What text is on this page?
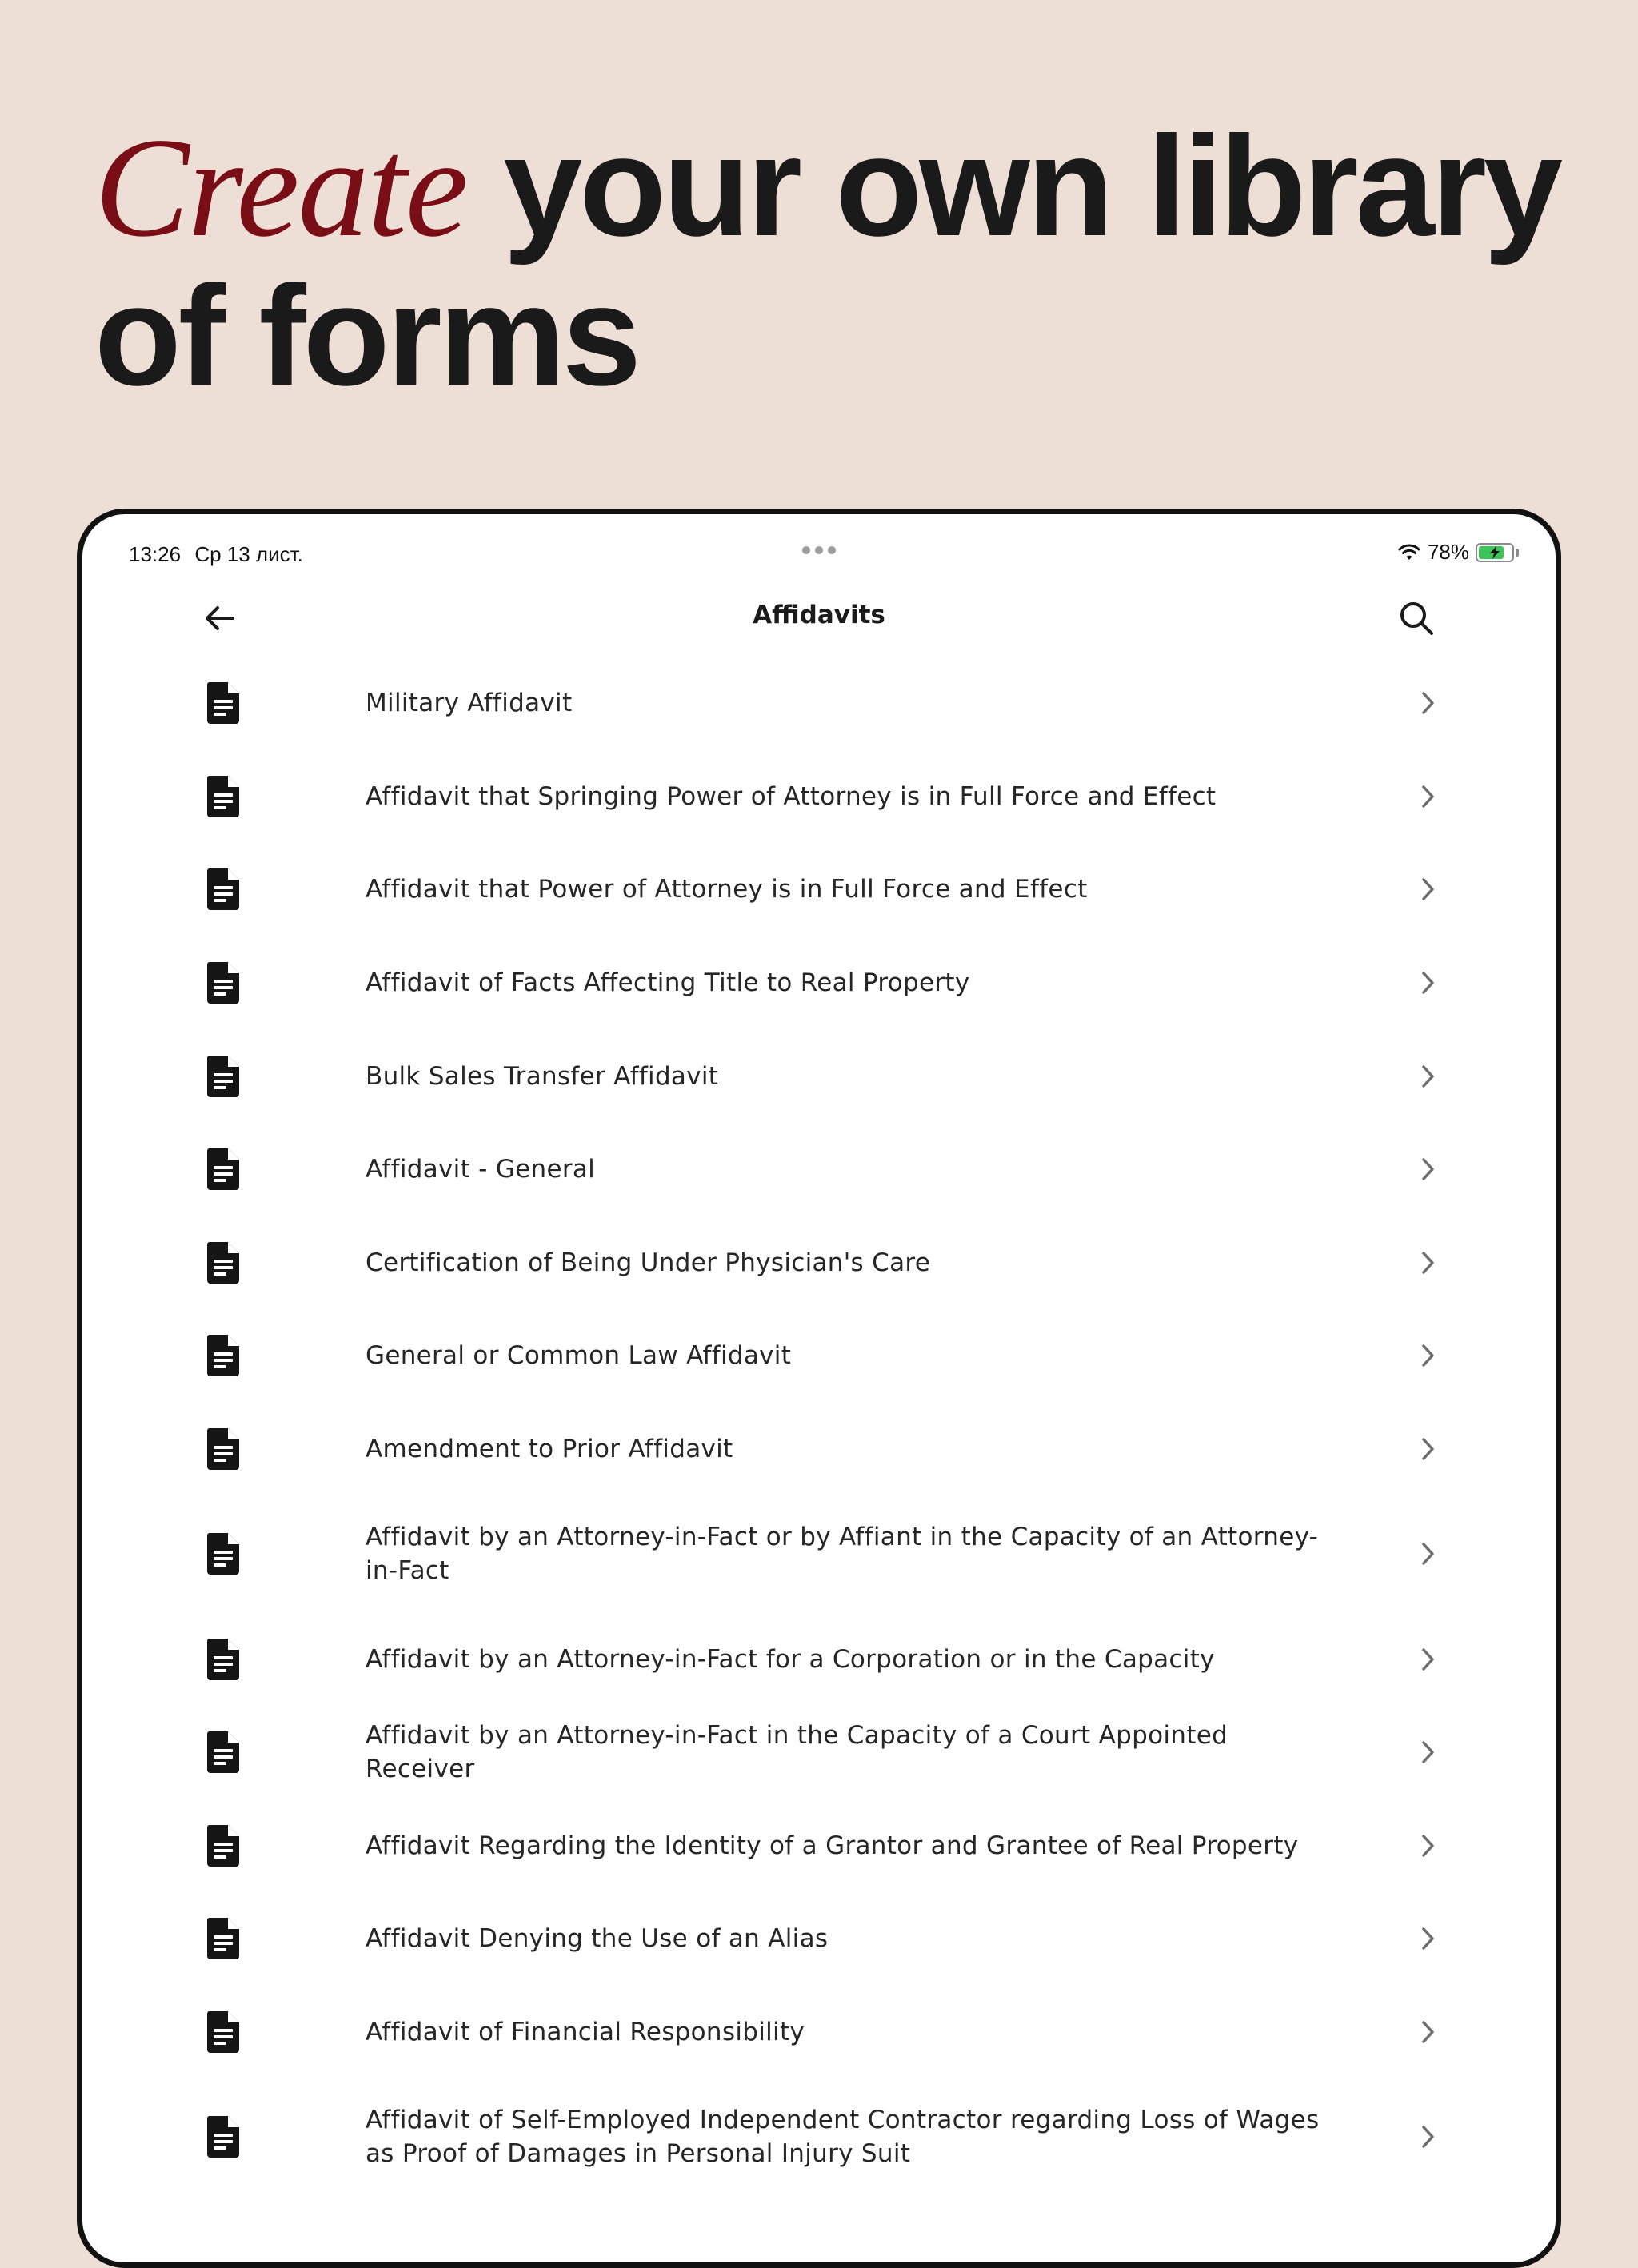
Create your own library of forms
13:26 Ср 13 лист.	78%
Affidavits
Military Affidavit
Affidavit that Springing Power of Attorney is in Full Force and Effect
Affidavit that Power of Attorney is in Full Force and Effect
Affidavit of Facts Affecting Title to Real Property
Bulk Sales Transfer Affidavit
Affidavit - General
Certification of Being Under Physician's Care
General or Common Law Affidavit
Amendment to Prior Affidavit
Affidavit by an Attorney-in-Fact or by Affiant in the Capacity of an Attorney-in-Fact
Affidavit by an Attorney-in-Fact for a Corporation or in the Capacity
Affidavit by an Attorney-in-Fact in the Capacity of a Court Appointed Receiver
Affidavit Regarding the Identity of a Grantor and Grantee of Real Property
Affidavit Denying the Use of an Alias
Affidavit of Financial Responsibility
Affidavit of Self-Employed Independent Contractor regarding Loss of Wages as Proof of Damages in Personal Injury Suit
